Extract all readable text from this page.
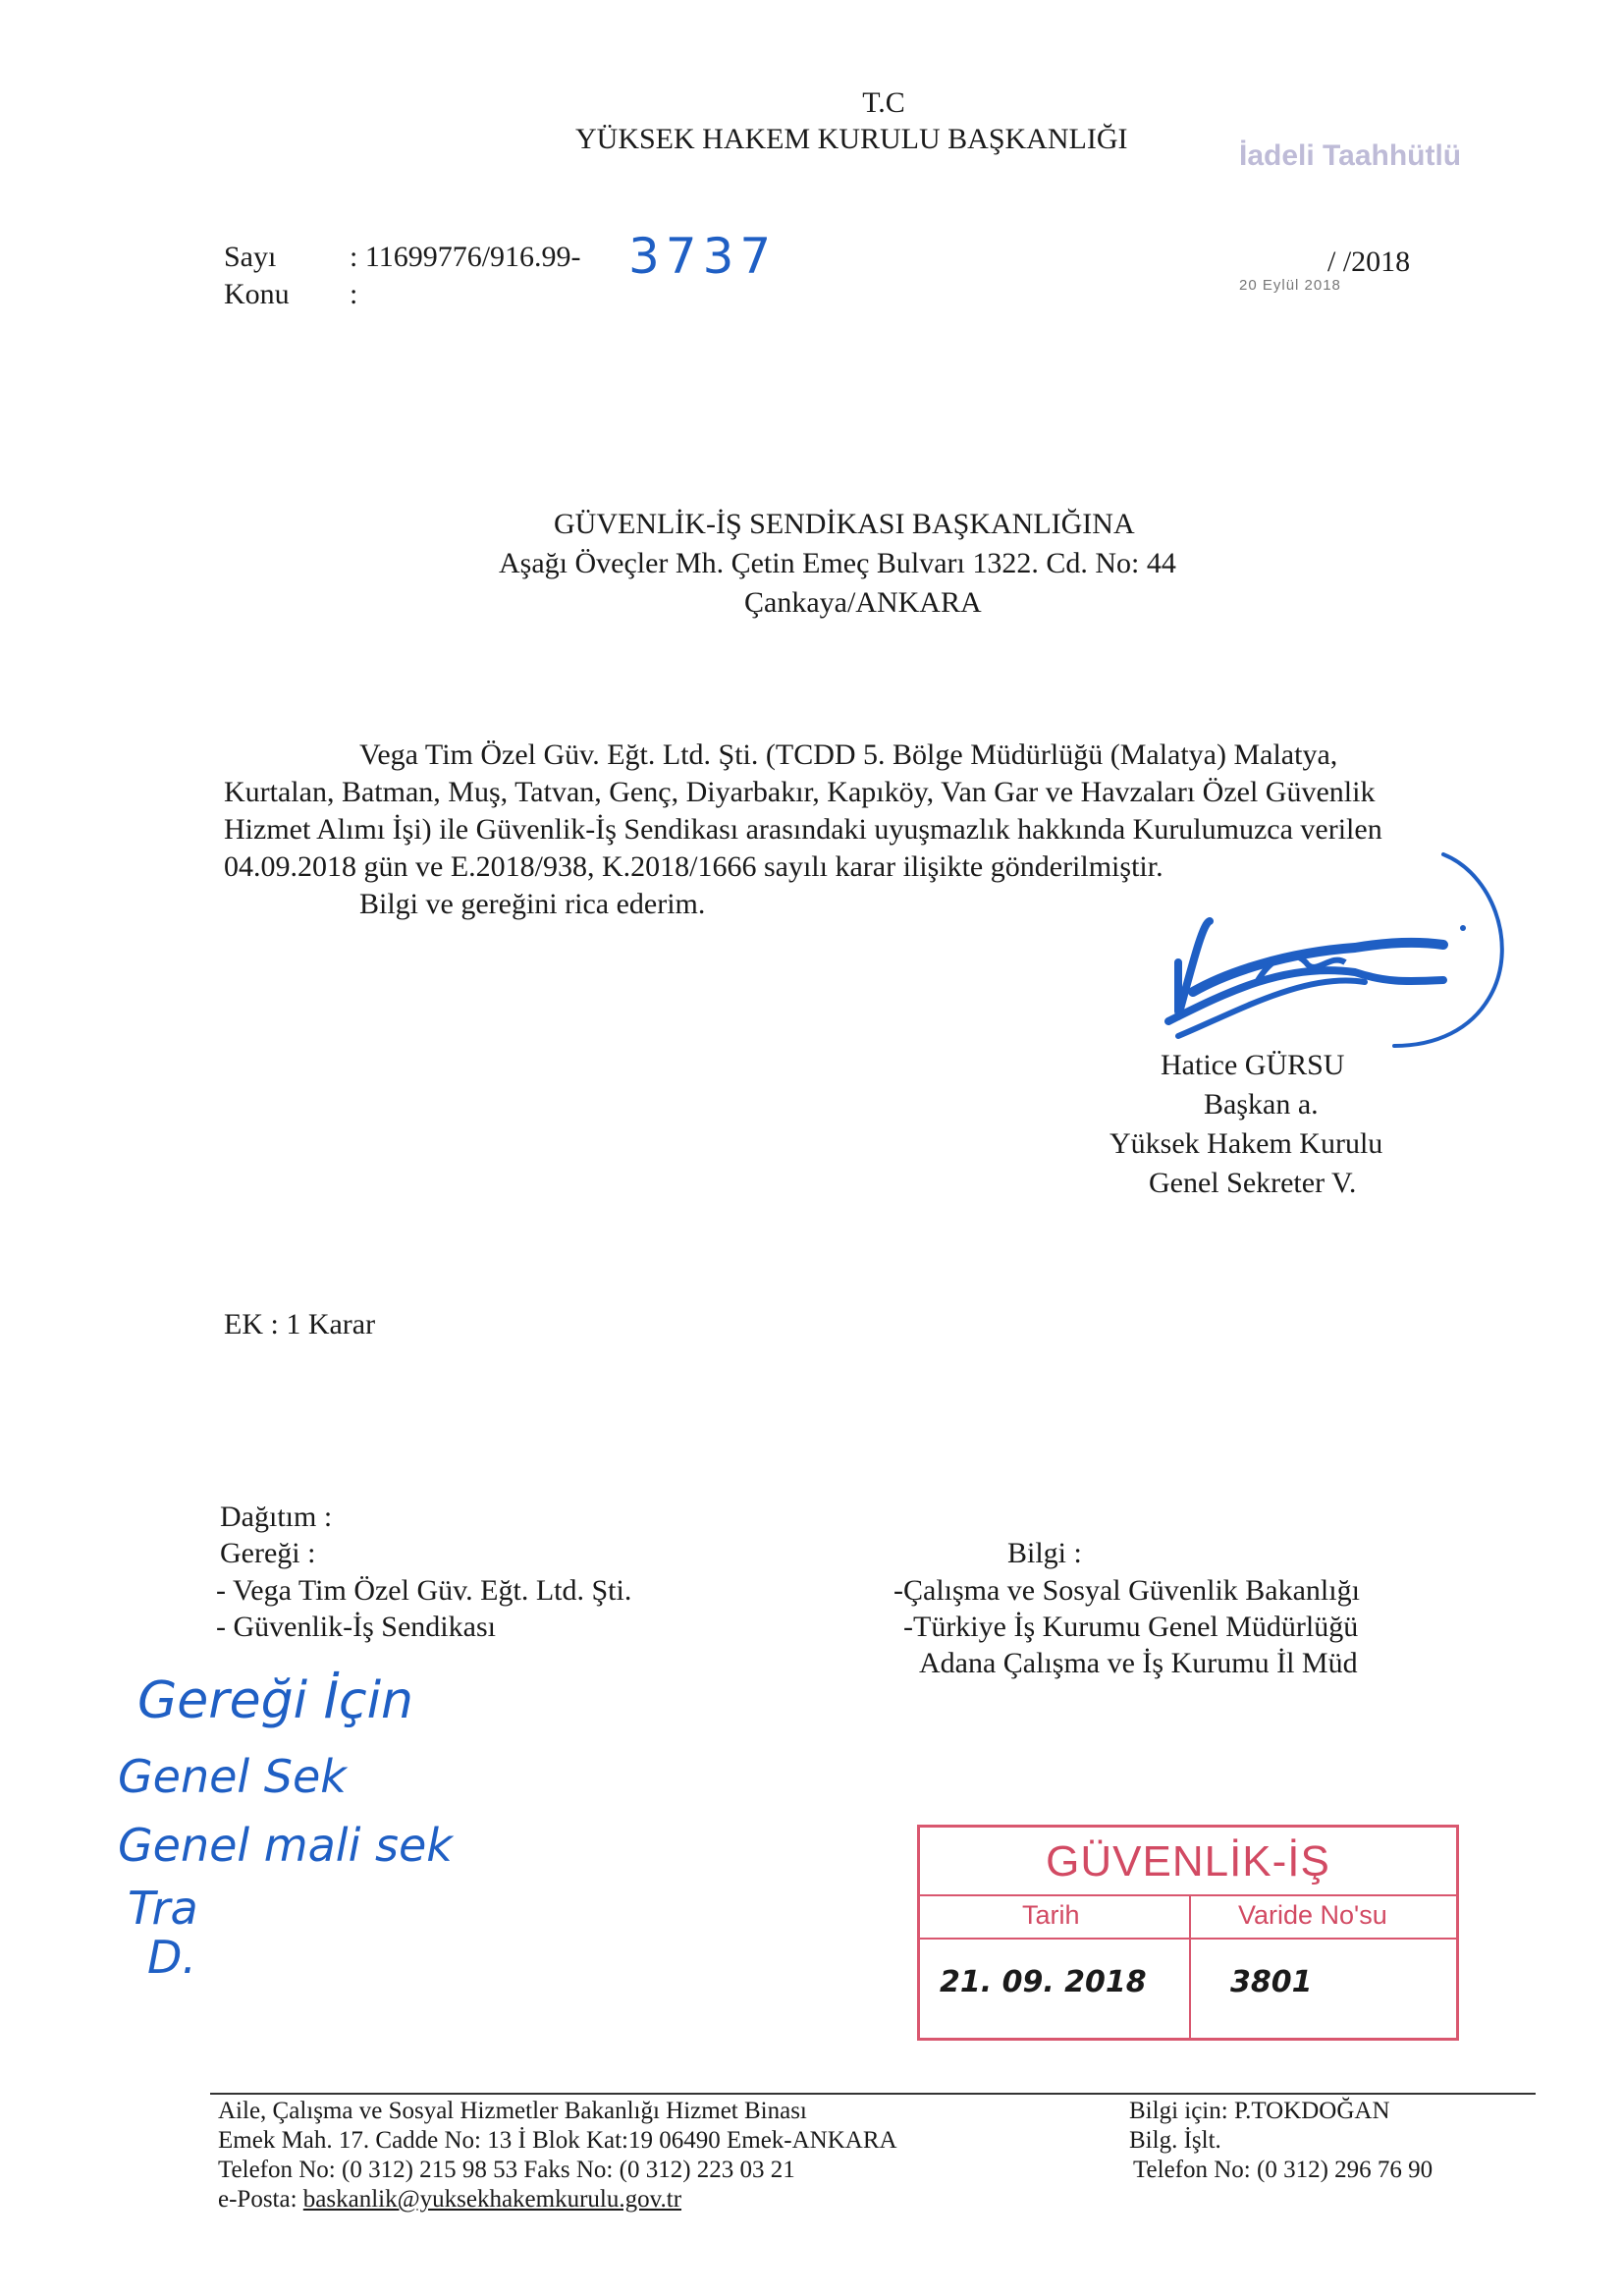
T.C
YÜKSEK HAKEM KURULU BAŞKANLIĞI
İadeli Taahhütlü
Sayı : 11699776/916.99- 3737
Konu :
/ /2018
20 Eylül 2018
GÜVENLİK-İŞ SENDİKASI BAŞKANLIĞINA
Aşağı Öveçler Mh. Çetin Emeç Bulvarı 1322. Cd. No: 44
Çankaya/ANKARA
Vega Tim Özel Güv. Eğt. Ltd. Şti. (TCDD 5. Bölge Müdürlüğü (Malatya) Malatya,
Kurtalan, Batman, Muş, Tatvan, Genç, Diyarbakır, Kapıköy, Van Gar ve Havzaları Özel Güvenlik
Hizmet Alımı İşi) ile Güvenlik-İş Sendikası arasındaki uyuşmazlık hakkında Kurulumuzca verilen
04.09.2018 gün ve E.2018/938, K.2018/1666 sayılı karar ilişikte gönderilmiştir.
Bilgi ve gereğini rica ederim.
Hatice GÜRSU
Başkan a.
Yüksek Hakem Kurulu
Genel Sekreter V.
EK : 1 Karar
Dağıtım :
Gereği :
- Vega Tim Özel Güv. Eğt. Ltd. Şti.
- Güvenlik-İş Sendikası
Bilgi :
-Çalışma ve Sosyal Güvenlik Bakanlığı
-Türkiye İş Kurumu Genel Müdürlüğü
Adana Çalışma ve İş Kurumu İl Müd
Gereği İçin
Genel Sek
Genel mali sek
Tra
D.
GÜVENLİK-İŞ
Tarih	Varide No'su
21. 09. 2018	3801
Aile, Çalışma ve Sosyal Hizmetler Bakanlığı Hizmet Binası
Emek Mah. 17. Cadde No: 13 İ Blok Kat:19 06490 Emek-ANKARA
Telefon No: (0 312) 215 98 53 Faks No: (0 312) 223 03 21
e-Posta: baskanlik@yuksekhakemkurulu.gov.tr
Bilgi için: P.TOKDOĞAN
Bilg. İşlt.
Telefon No: (0 312) 296 76 90
